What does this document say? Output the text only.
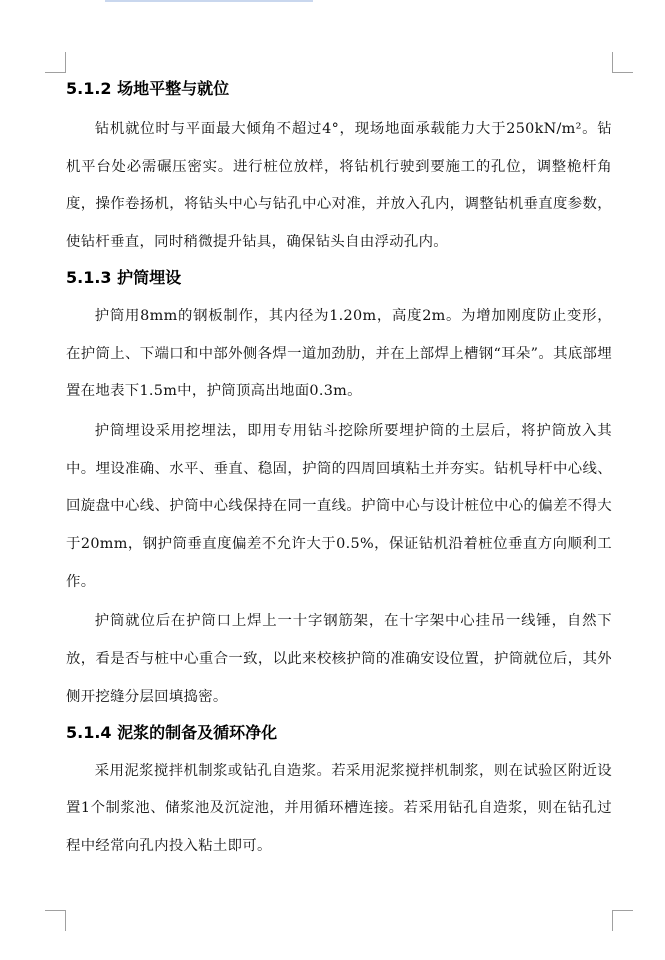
5.1.2 场地平整与就位

钻机就位时与平面最大倾角不超过4°，现场地面承载能力大于250kN/m²。钻机平台处必需碾压密实。进行桩位放样，将钻机行驶到要施工的孔位，调整桅杆角度，操作卷扬机，将钻头中心与钻孔中心对准，并放入孔内，调整钻机垂直度参数，使钻杆垂直，同时稍微提升钻具，确保钻头自由浮动孔内。

5.1.3 护筒埋设

护筒用8mm的钢板制作，其内径为1.20m，高度2m。为增加刚度防止变形，在护筒上、下端口和中部外侧各焊一道加劲肋，并在上部焊上槽钢“耳朵”。其底部埋置在地表下1.5m中，护筒顶高出地面0.3m。

护筒埋设采用挖埋法，即用专用钻斗挖除所要埋护筒的土层后，将护筒放入其中。埋设准确、水平、垂直、稳固，护筒的四周回填粘土并夯实。钻机导杆中心线、回旋盘中心线、护筒中心线保持在同一直线。护筒中心与设计桩位中心的偏差不得大于20mm，钢护筒垂直度偏差不允许大于0.5%，保证钻机沿着桩位垂直方向顺利工作。

护筒就位后在护筒口上焊上一十字钢筋架，在十字架中心挂吊一线锤，自然下放，看是否与桩中心重合一致，以此来校核护筒的准确安设位置，护筒就位后，其外侧开挖缝分层回填捣密。

5.1.4 泥浆的制备及循环净化

采用泥浆搅拌机制浆或钻孔自造浆。若采用泥浆搅拌机制浆，则在试验区附近设置1个制浆池、储浆池及沉淀池，并用循环槽连接。若采用钻孔自造浆，则在钻孔过程中经常向孔内投入粘土即可。
